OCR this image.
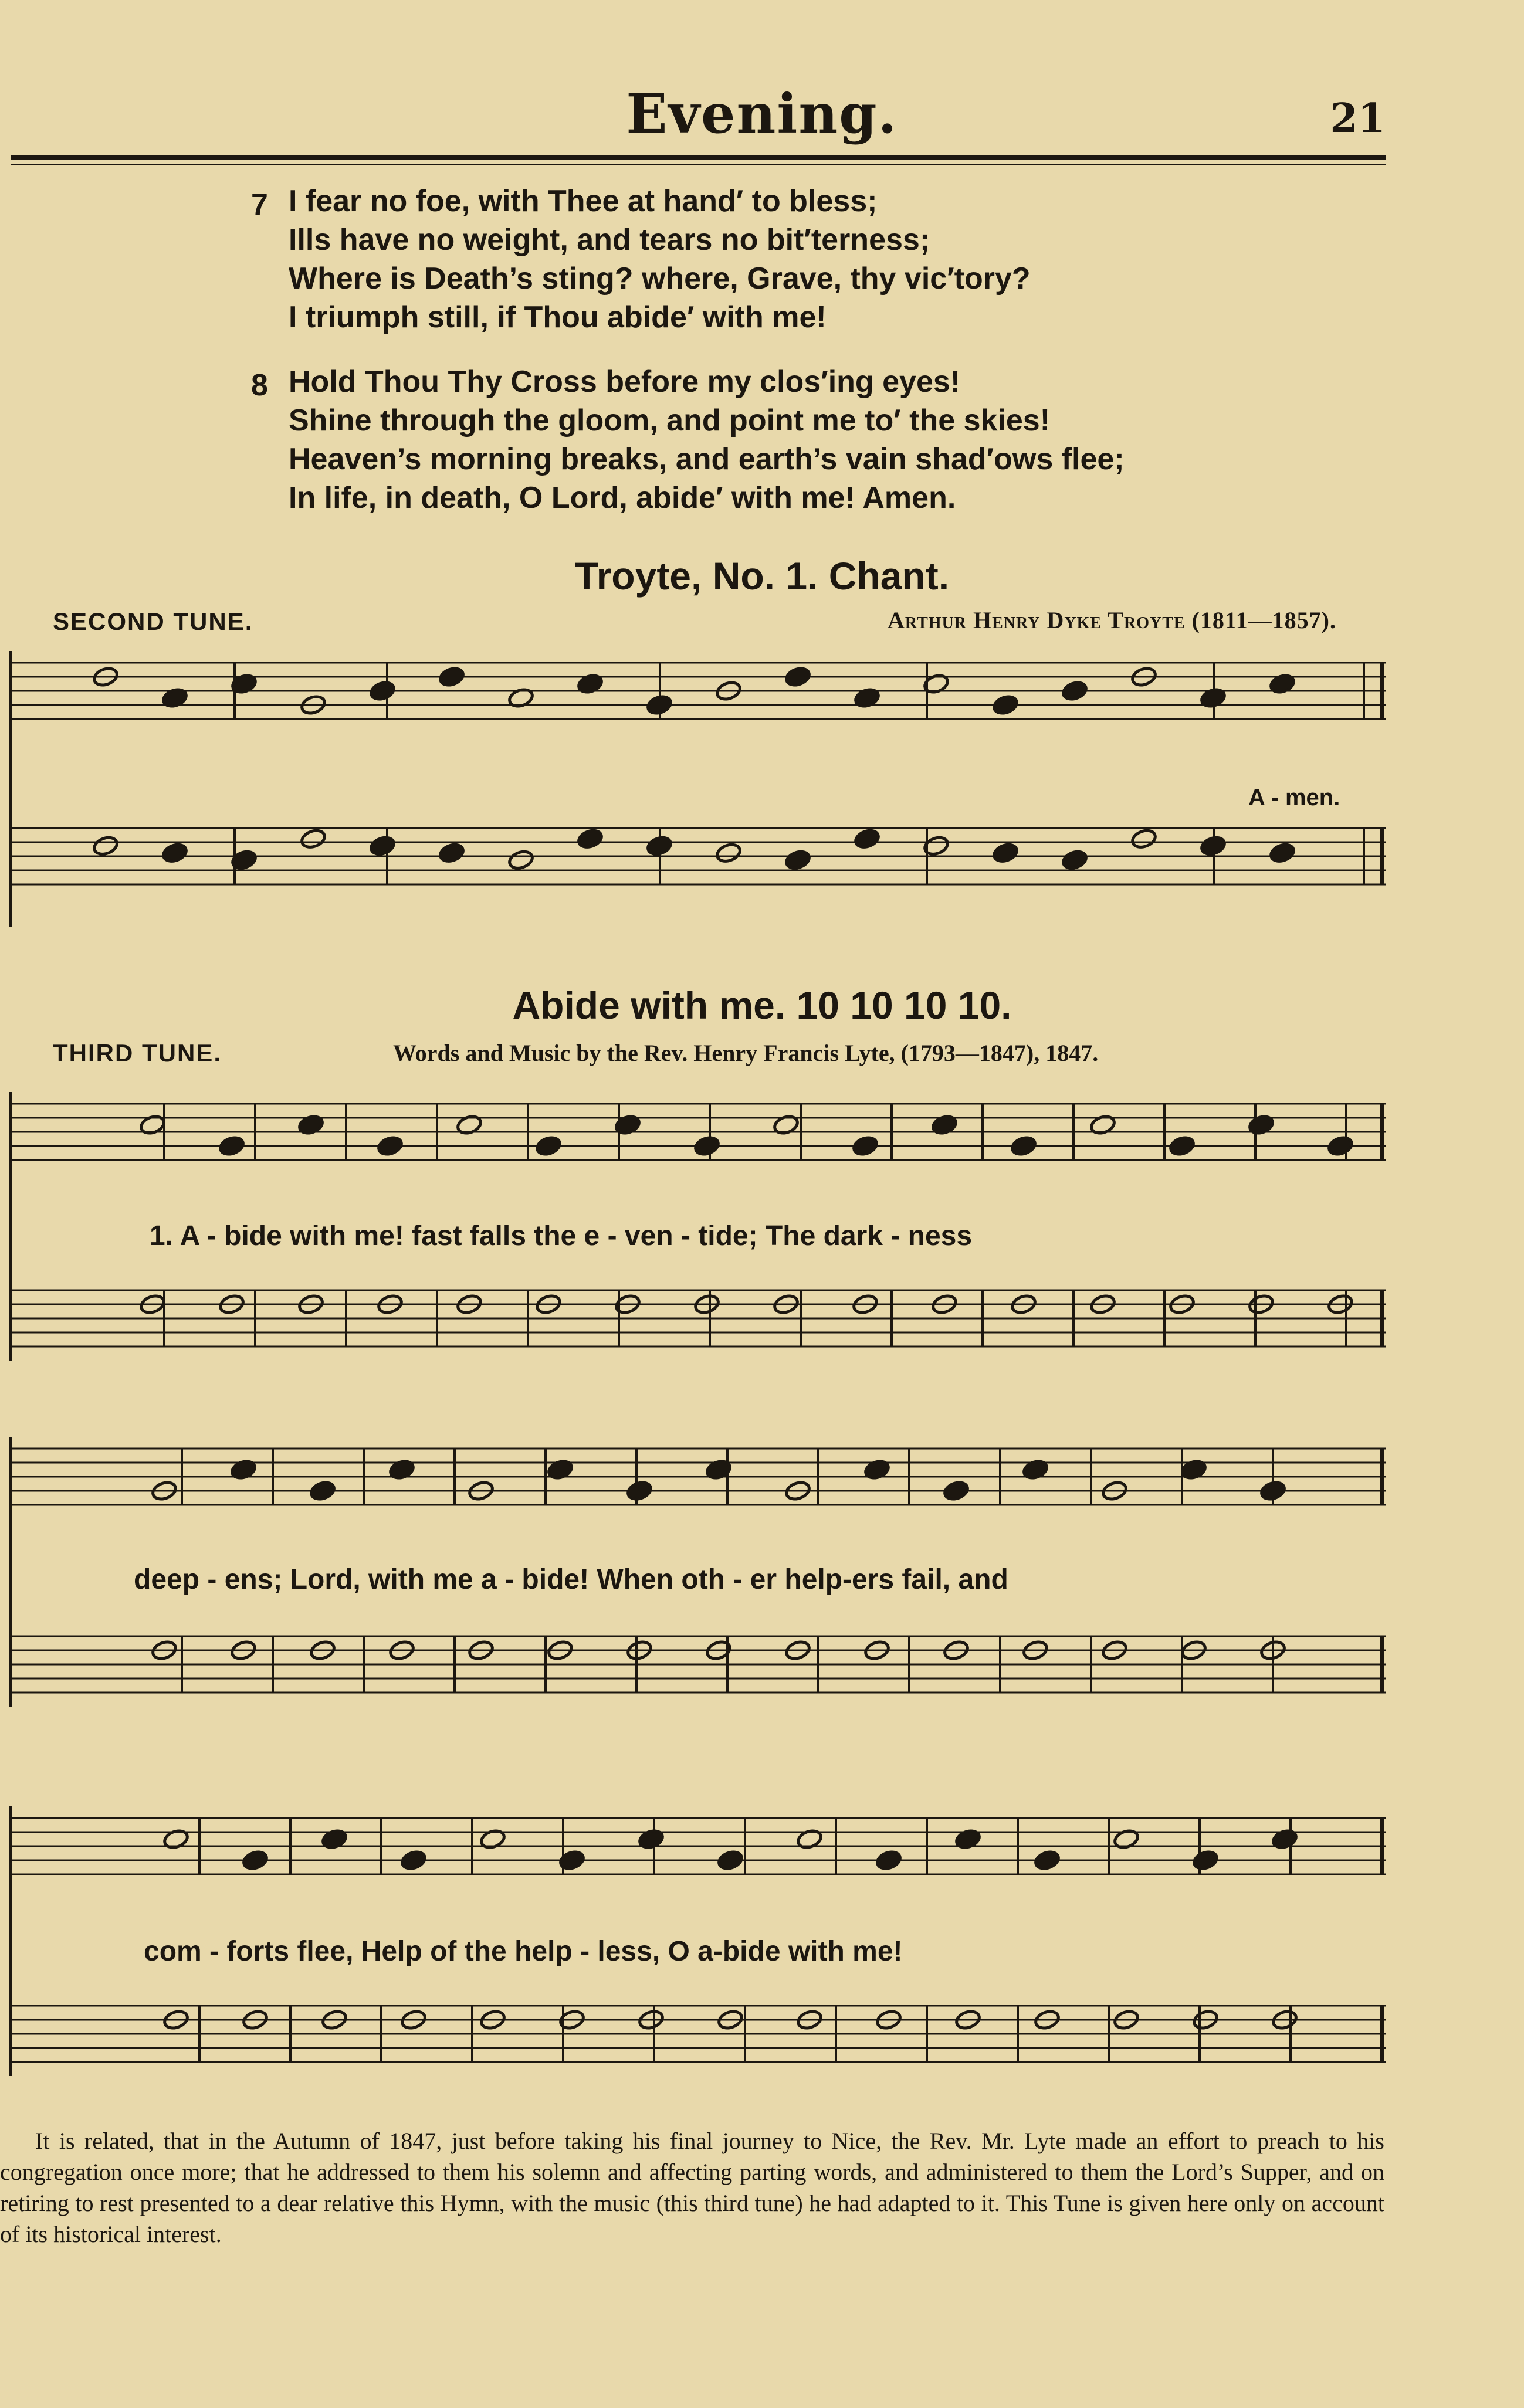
Evening.	21
7 I fear no foe, with Thee at hand′ to bless;
Ills have no weight, and tears no bit′terness;
Where is Death’s sting? where, Grave, thy vic′tory?
I triumph still, if Thou abide′ with me!
8 Hold Thou Thy Cross before my clos′ing eyes!
Shine through the gloom, and point me to′ the skies!
Heaven’s morning breaks, and earth’s vain shad′ows flee;
In life, in death, O Lord, abide′ with me! Amen.
Troyte, No. 1. Chant.
SECOND TUNE.	Arthur Henry Dyke Troyte (1811—1857).
A - men.
Abide with me. 10 10 10 10.
THIRD TUNE.	Words and Music by the Rev. Henry Francis Lyte, (1793—1847), 1847.
1. A - bide with me! fast falls the e - ven - tide; The dark - ness
deep - ens; Lord, with me a - bide! When oth - er help-ers fail, and
com - forts flee, Help of the help - less, O a-bide with me!
It is related, that in the Autumn of 1847, just before taking his final journey to Nice, the Rev. Mr. Lyte made an effort to preach to his congregation once more; that he addressed to them his solemn and affecting parting words, and administered to them the Lord’s Supper, and on retiring to rest presented to a dear relative this Hymn, with the music (this third tune) he had adapted to it. This Tune is given here only on account of its historical interest.
